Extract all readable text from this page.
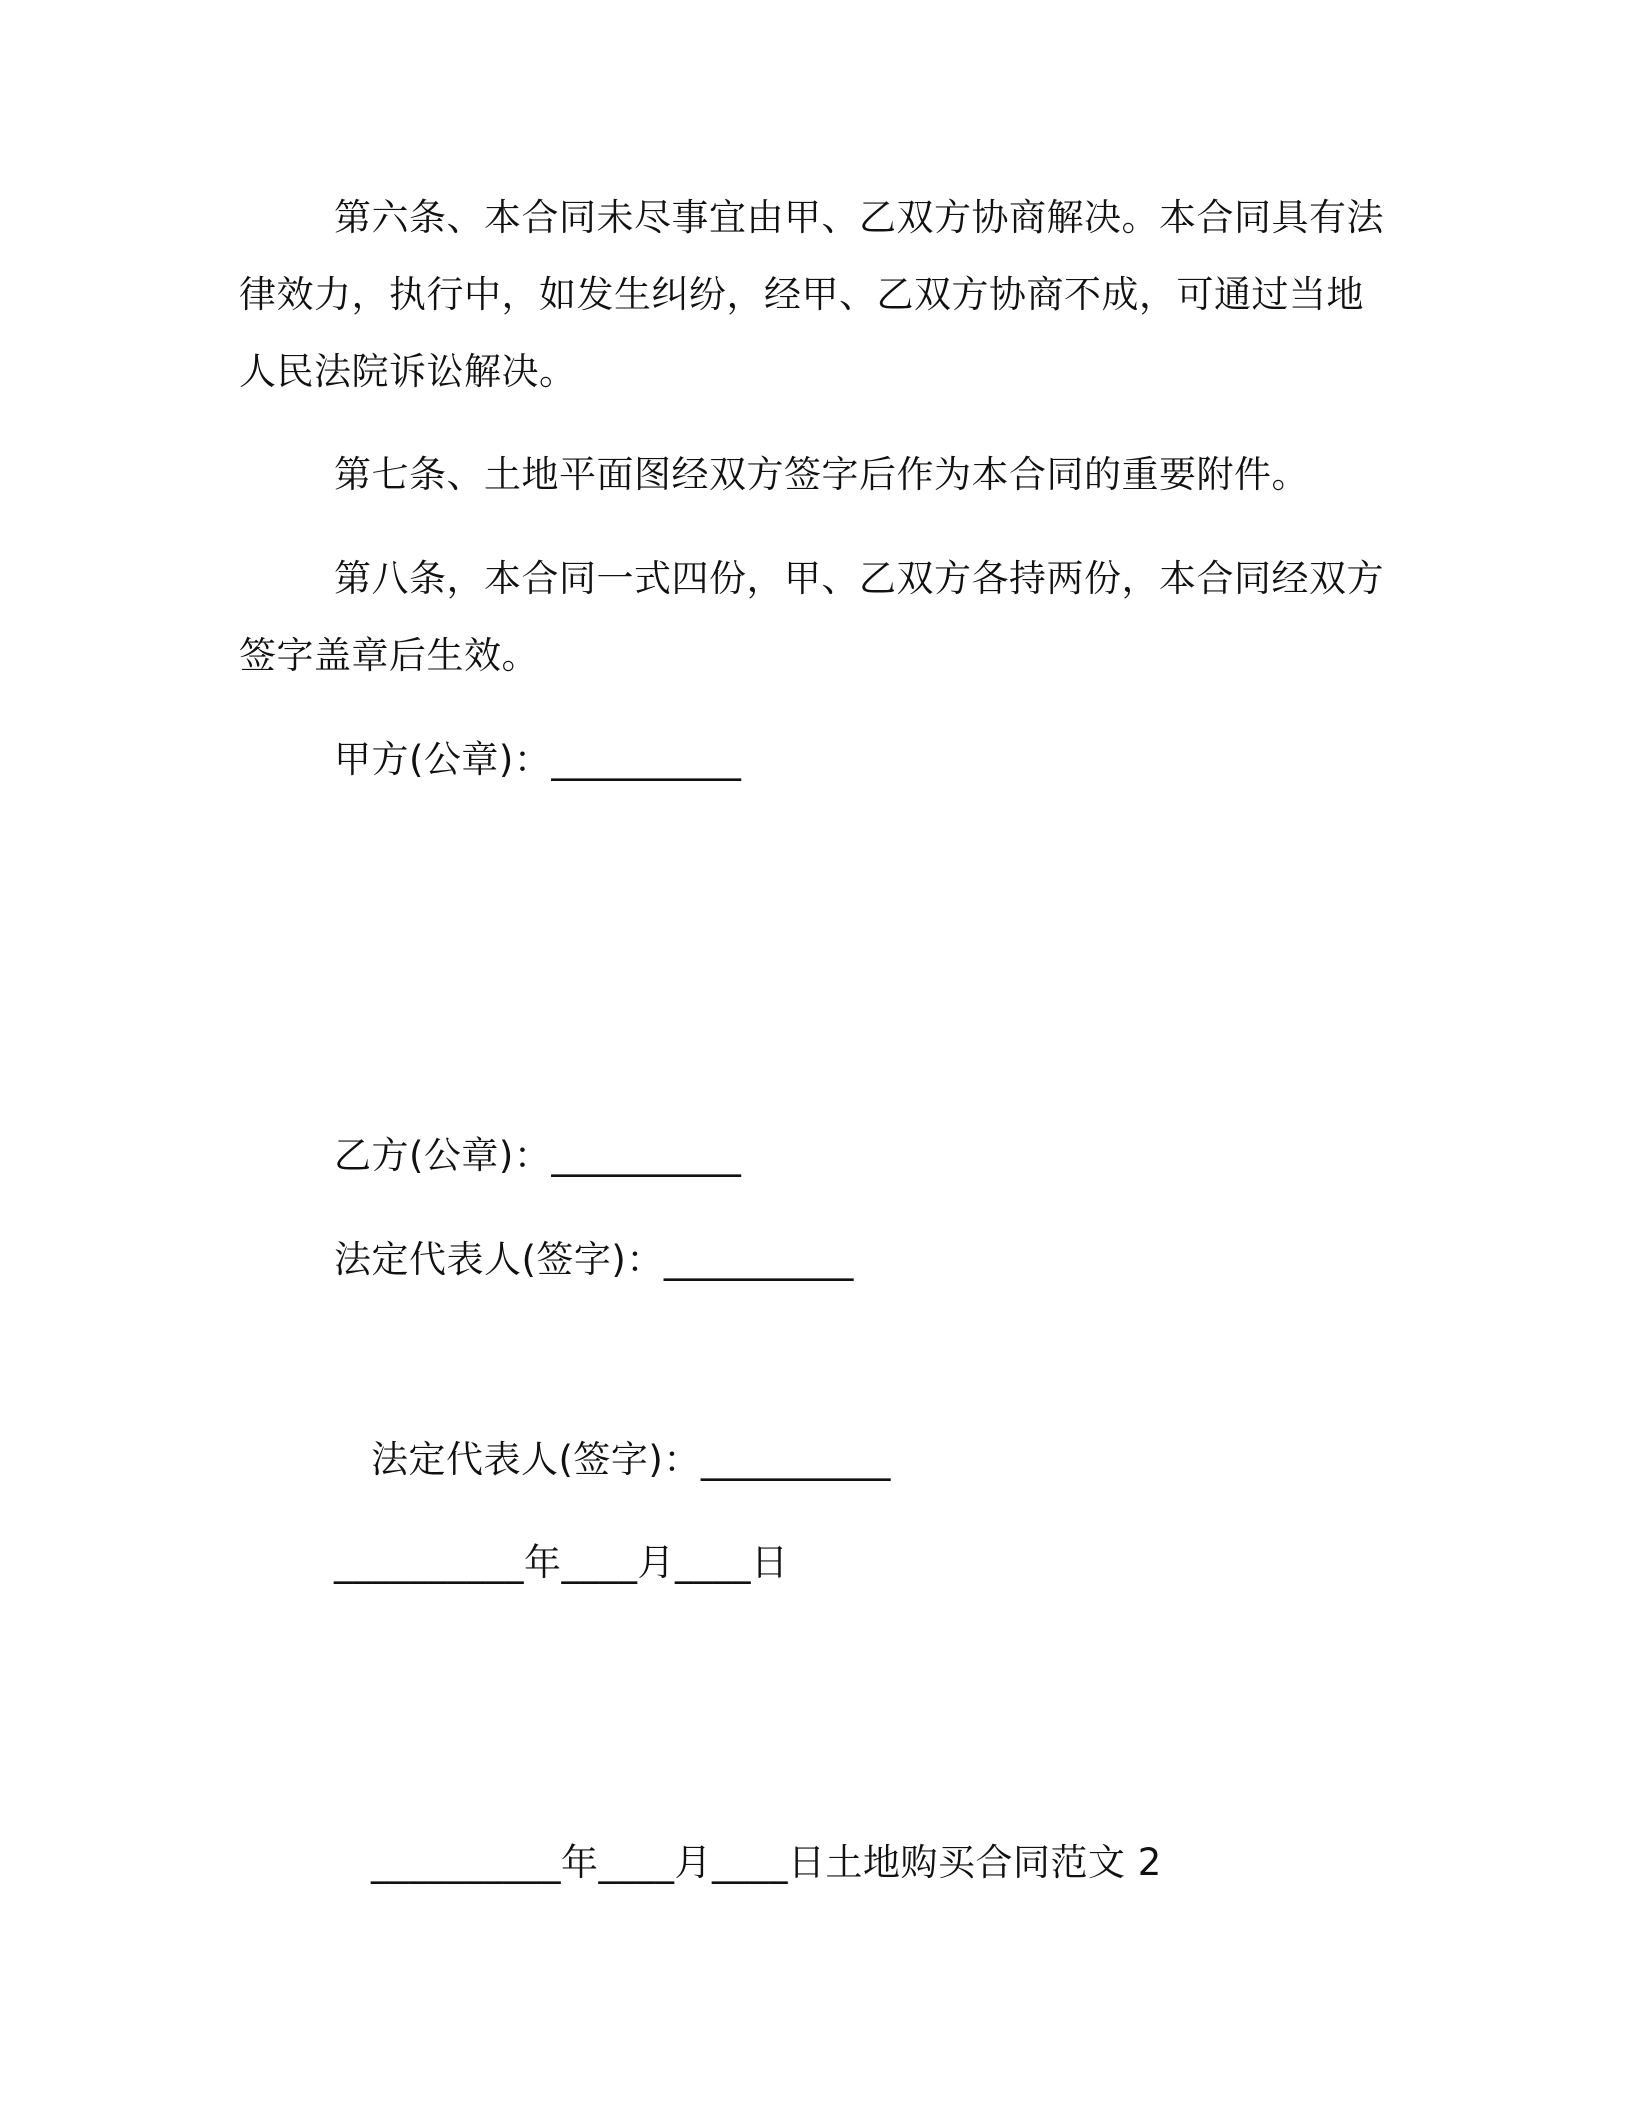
第六条、本合同未尽事宜由甲、乙双方协商解决。本合同具有法
律效力，执行中，如发生纠纷，经甲、乙双方协商不成，可通过当地
人民法院诉讼解决。
第七条、土地平面图经双方签字后作为本合同的重要附件。
第八条，本合同一式四份，甲、乙双方各持两份，本合同经双方
签字盖章后生效。
甲方(公章)：__________
乙方(公章)：__________
法定代表人(签字)：__________
法定代表人(签字)：__________
__________年____月____日
__________年____月____日土地购买合同范文 2
